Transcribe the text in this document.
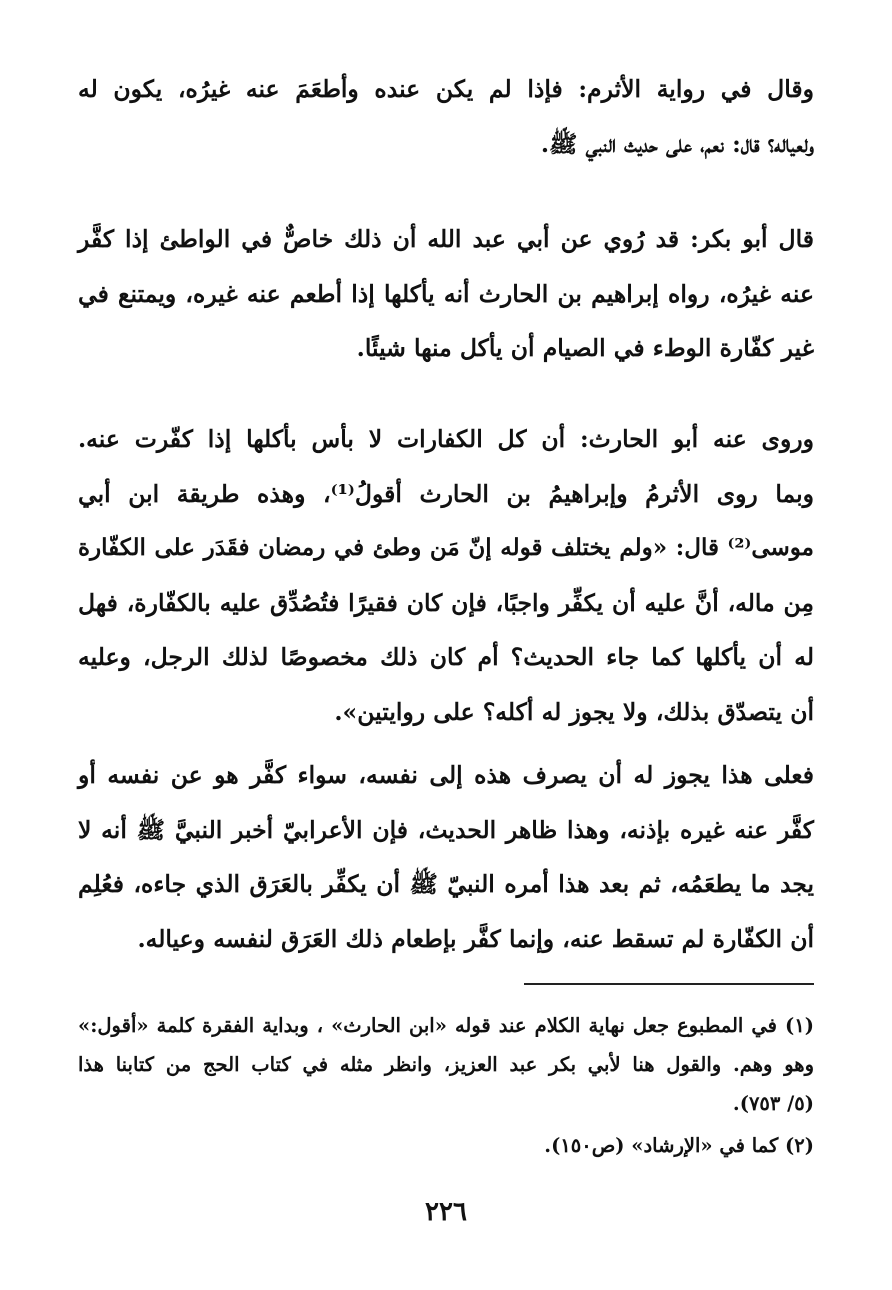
وقال في رواية الأثرم: فإذا لم يكن عنده وأطعَمَ عنه غيرُه، يكون له
ولعياله؟ قال: نعم، على حديث النبي ﷺ.

قال أبو بكر: قد رُوي عن أبي عبد الله أن ذلك خاصٌّ في الواطئ إذا كفَّر
عنه غيرُه، رواه إبراهيم بن الحارث أنه يأكلها إذا أطعم عنه غيره، ويمتنع في
غير كفّارة الوطء في الصيام أن يأكل منها شيئًا.

وروى عنه أبو الحارث: أن كل الكفارات لا بأس بأكلها إذا كفّرت عنه.
وبما روى الأثرمُ وإبراهيمُ بن الحارث أقولُ⁽¹⁾، وهذه طريقة ابن أبي
موسى⁽²⁾ قال: «ولم يختلف قوله إنّ مَن وطئ في رمضان فقَدَر على الكفّارة
مِن ماله، أنَّ عليه أن يكفِّر واجبًا، فإن كان فقيرًا فتُصُدِّق عليه بالكفّارة، فهل
له أن يأكلها كما جاء الحديث؟ أم كان ذلك مخصوصًا لذلك الرجل، وعليه
أن يتصدّق بذلك، ولا يجوز له أكله؟ على روايتين».

فعلى هذا يجوز له أن يصرف هذه إلى نفسه، سواء كفَّر هو عن نفسه أو
كفَّر عنه غيره بإذنه، وهذا ظاهر الحديث، فإن الأعرابيّ أخبر النبيَّ ﷺ أنه لا
يجد ما يطعَمُه، ثم بعد هذا أمره النبيّ ﷺ أن يكفِّر بالعَرَق الذي جاءه، فعُلِم
أن الكفّارة لم تسقط عنه، وإنما كفَّر بإطعام ذلك العَرَق لنفسه وعياله.

(١) في المطبوع جعل نهاية الكلام عند قوله «ابن الحارث» ، وبداية الفقرة كلمة «أقول:»
وهو وهم. والقول هنا لأبي بكر عبد العزيز، وانظر مثله في كتاب الحج من كتابنا هذا
(٥/ ٧٥٣).

(٢) كما في «الإرشاد» (ص١٥٠).

٢٢٦
